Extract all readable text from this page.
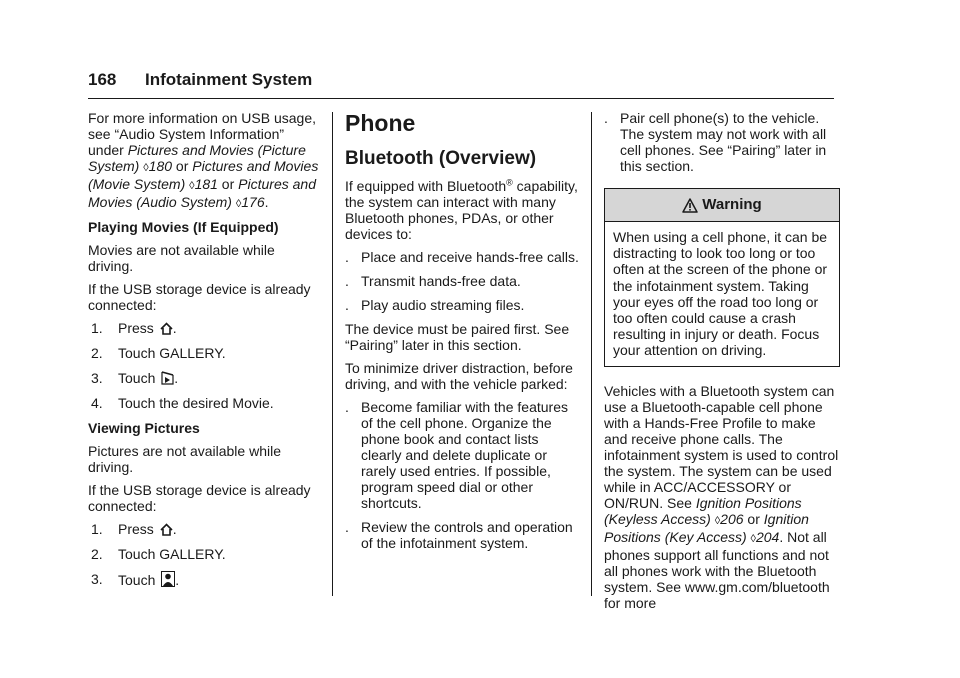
168 Infotainment System

For more information on USB usage, see “Audio System Information” under Pictures and Movies (Picture System) ◊180 or Pictures and Movies (Movie System) ◊181 or Pictures and Movies (Audio System) ◊176.

Playing Movies (If Equipped)

Movies are not available while driving.

If the USB storage device is already connected:

1. Press .
2. Touch GALLERY.
3. Touch .
4. Touch the desired Movie.

Viewing Pictures

Pictures are not available while driving.

If the USB storage device is already connected:

1. Press .
2. Touch GALLERY.
3. Touch .
Phone
Bluetooth (Overview)

If equipped with Bluetooth® capability, the system can interact with many Bluetooth phones, PDAs, or other devices to:

. Place and receive hands-free calls.
. Transmit hands-free data.
. Play audio streaming files.

The device must be paired first. See “Pairing” later in this section.

To minimize driver distraction, before driving, and with the vehicle parked:

. Become familiar with the features of the cell phone. Organize the phone book and contact lists clearly and delete duplicate or rarely used entries. If possible, program speed dial or other shortcuts.
. Review the controls and operation of the infotainment system.
. Pair cell phone(s) to the vehicle. The system may not work with all cell phones. See “Pairing” later in this section.
Warning
When using a cell phone, it can be distracting to look too long or too often at the screen of the phone or the infotainment system. Taking your eyes off the road too long or too often could cause a crash resulting in injury or death. Focus your attention on driving.

Vehicles with a Bluetooth system can use a Bluetooth-capable cell phone with a Hands-Free Profile to make and receive phone calls. The infotainment system is used to control the system. The system can be used while in ACC/ACCESSORY or ON/RUN. See Ignition Positions (Keyless Access) ◊206 or Ignition Positions (Key Access) ◊204. Not all phones support all functions and not all phones work with the Bluetooth system. See www.gm.com/bluetooth for more
